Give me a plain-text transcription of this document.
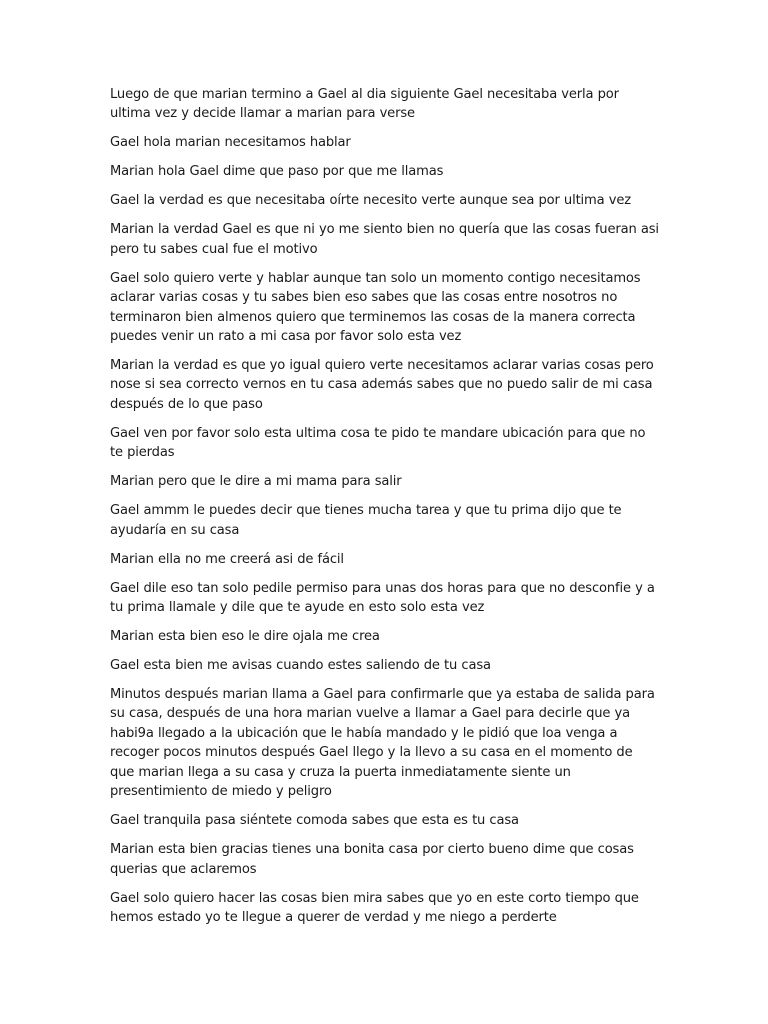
Luego de que marian termino a Gael al dia siguiente Gael necesitaba verla por ultima vez y decide llamar a marian para verse

Gael hola marian necesitamos hablar

Marian hola Gael dime que paso por que me llamas

Gael la verdad es que necesitaba oírte necesito verte aunque sea por ultima vez

Marian la verdad Gael es que ni yo me siento bien no quería que las cosas fueran asi pero tu sabes cual fue el motivo

Gael solo quiero verte y hablar aunque tan solo un momento contigo necesitamos aclarar varias cosas y tu sabes bien eso sabes que las cosas entre nosotros no terminaron bien almenos quiero que terminemos las cosas de la manera correcta puedes venir un rato a mi casa por favor solo esta vez

Marian la verdad es que yo igual quiero verte necesitamos aclarar varias cosas pero nose si sea correcto vernos en tu casa además sabes que no puedo salir de mi casa después de lo que paso

Gael ven por favor solo esta ultima cosa te pido te mandare ubicación para que no te pierdas

Marian pero que le dire a mi mama para salir

Gael ammm le puedes decir que tienes mucha tarea y que tu prima dijo que te ayudaría en su casa

Marian ella no me creerá asi de fácil

Gael dile eso tan solo pedile permiso para unas dos horas para que no desconfie y a tu prima llamale y dile que te ayude en esto solo esta vez

Marian esta bien eso le dire ojala me crea

Gael esta bien me avisas cuando estes saliendo de tu casa

Minutos después marian llama a Gael para confirmarle que ya estaba de salida para su casa, después de una hora marian vuelve a llamar a Gael para decirle que ya habi9a llegado a la ubicación que le había mandado y le pidió que loa venga a recoger pocos minutos después Gael llego y la llevo a su casa en el momento de que marian llega a su casa y cruza la puerta inmediatamente siente un presentimiento de miedo y peligro

Gael tranquila pasa siéntete comoda sabes que esta es tu casa

Marian esta bien gracias tienes una bonita casa por cierto bueno dime que cosas querias que aclaremos

Gael solo quiero hacer las cosas bien mira sabes que yo en este corto tiempo que hemos estado yo te llegue a querer de verdad y me niego a perderte
